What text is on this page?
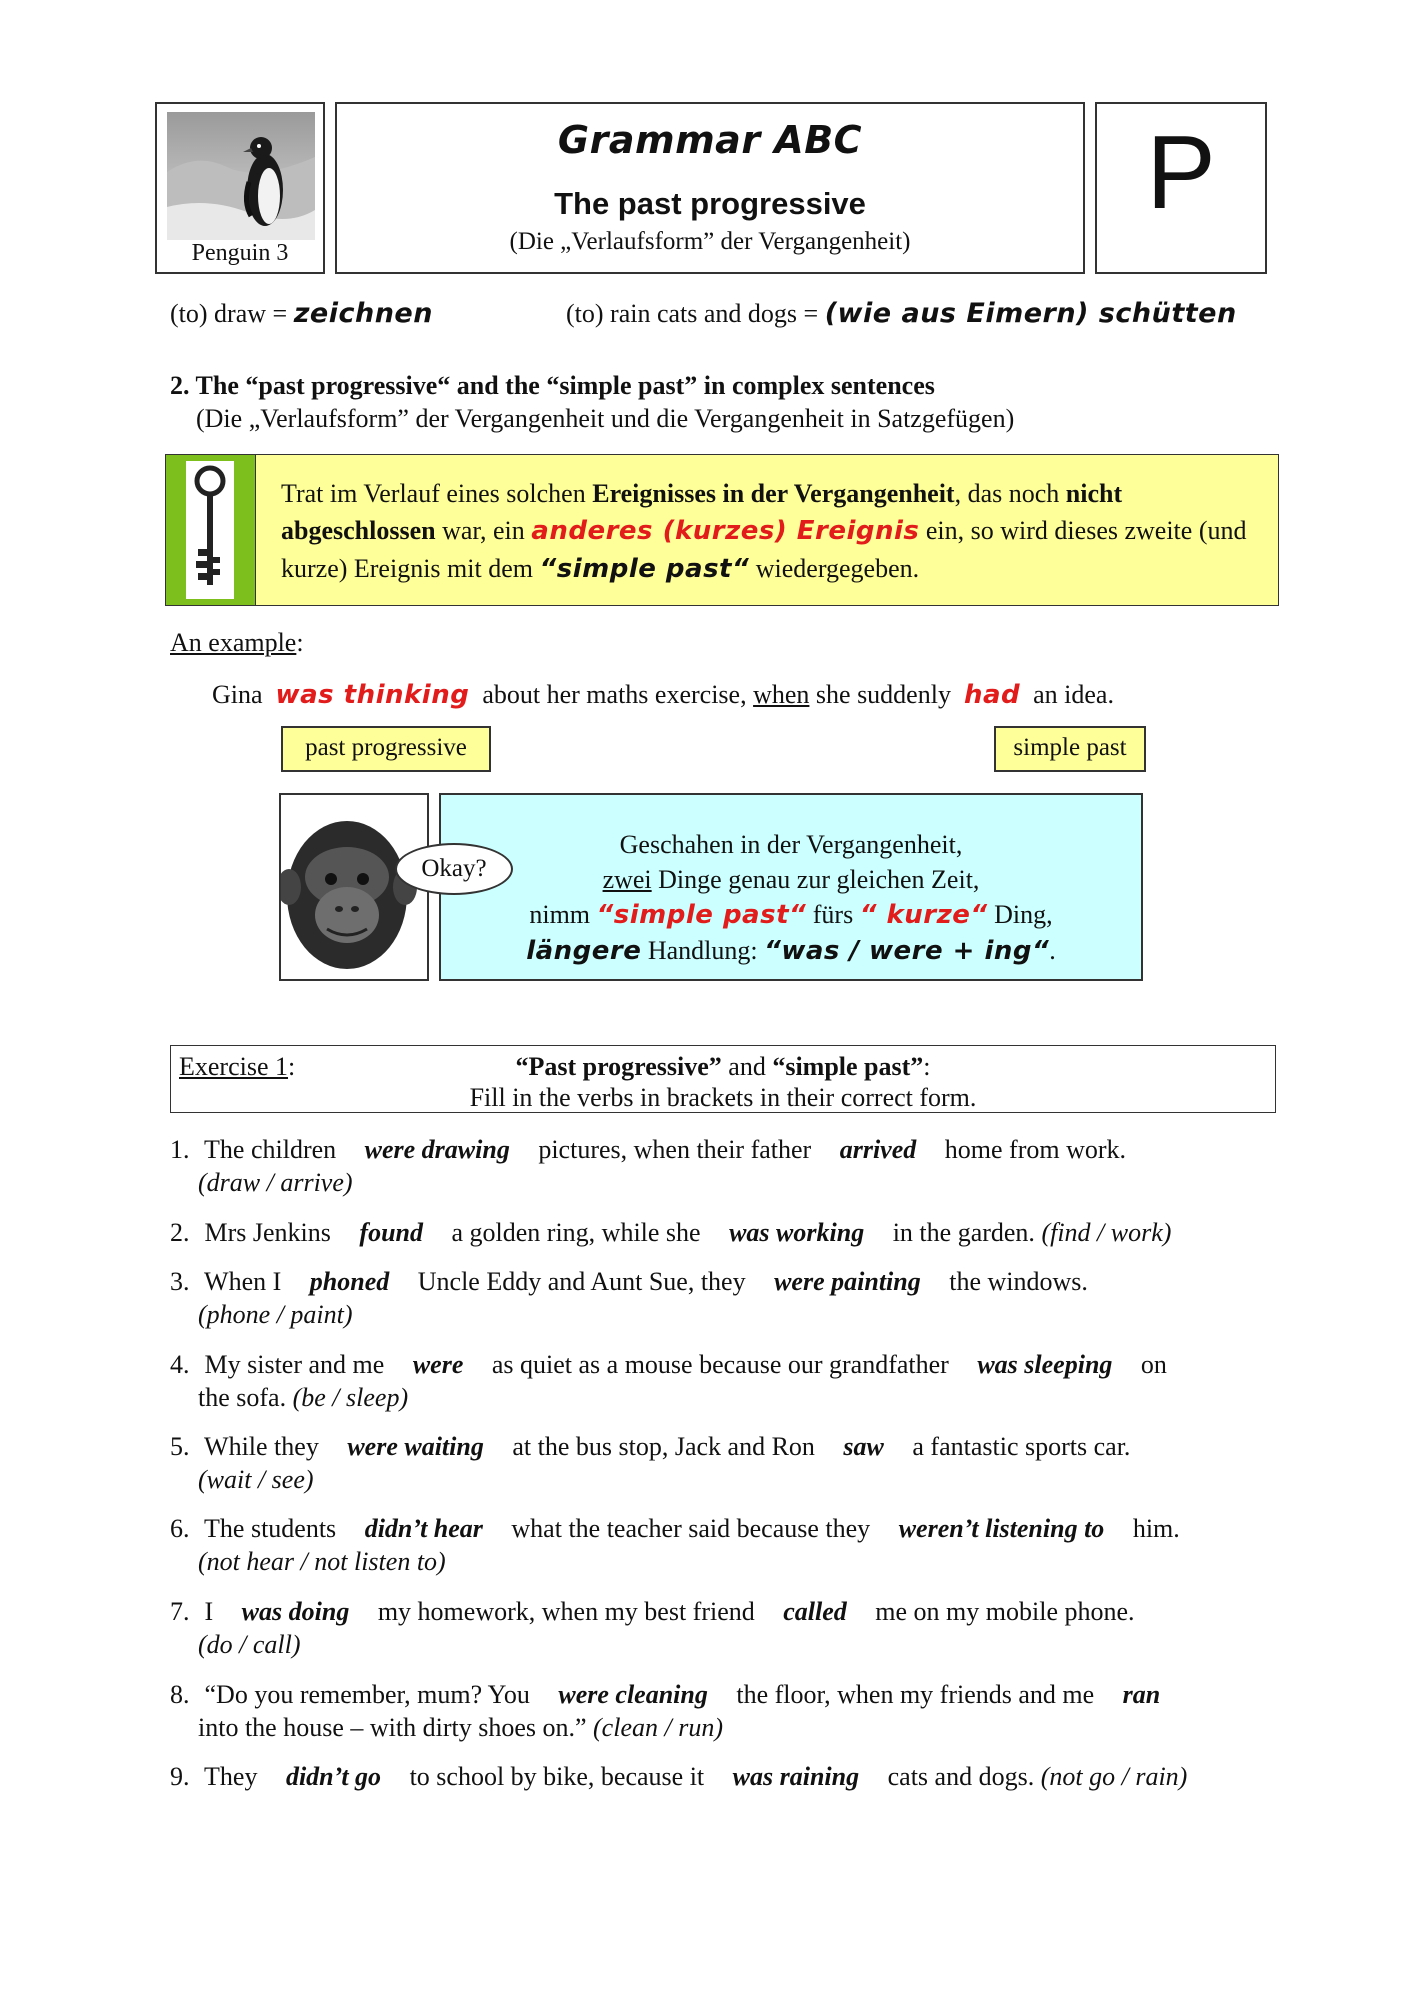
Penguin 3
Grammar ABC
The past progressive
(Die „Verlaufsform” der Vergangenheit)
P
(to) draw = zeichnen	(to) rain cats and dogs = (wie aus Eimern) schütten
2. The “past progressive“ and the “simple past” in complex sentences
(Die „Verlaufsform” der Vergangenheit und die Vergangenheit in Satzgefügen)
Trat im Verlauf eines solchen Ereignisses in der Vergangenheit, das noch nicht abgeschlossen war, ein anderes (kurzes) Ereignis ein, so wird dieses zweite (und kurze) Ereignis mit dem “simple past“ wiedergegeben.
An example:
Gina was thinking about her maths exercise, when she suddenly had an idea.
past progressive	simple past
Geschahen in der Vergangenheit,
zwei Dinge genau zur gleichen Zeit,
nimm “simple past“ fürs “ kurze“ Ding,
längere Handlung: “was / were + ing“.
Okay?
“Past progressive” and “simple past”:
Exercise 1:
Fill in the verbs in brackets in their correct form.
1. The children were drawing pictures, when their father arrived home from work.
(draw / arrive)
2. Mrs Jenkins found a golden ring, while she was working in the garden. (find / work)
3. When I phoned Uncle Eddy and Aunt Sue, they were painting the windows.
(phone / paint)
4. My sister and me were as quiet as a mouse because our grandfather was sleeping on
the sofa. (be / sleep)
5. While they were waiting at the bus stop, Jack and Ron saw a fantastic sports car.
(wait / see)
6. The students didn’t hear what the teacher said because they weren’t listening to him.
(not hear / not listen to)
7. I was doing my homework, when my best friend called me on my mobile phone.
(do / call)
8. “Do you remember, mum? You were cleaning the floor, when my friends and me ran
into the house – with dirty shoes on.” (clean / run)
9. They didn’t go to school by bike, because it was raining cats and dogs. (not go / rain)
